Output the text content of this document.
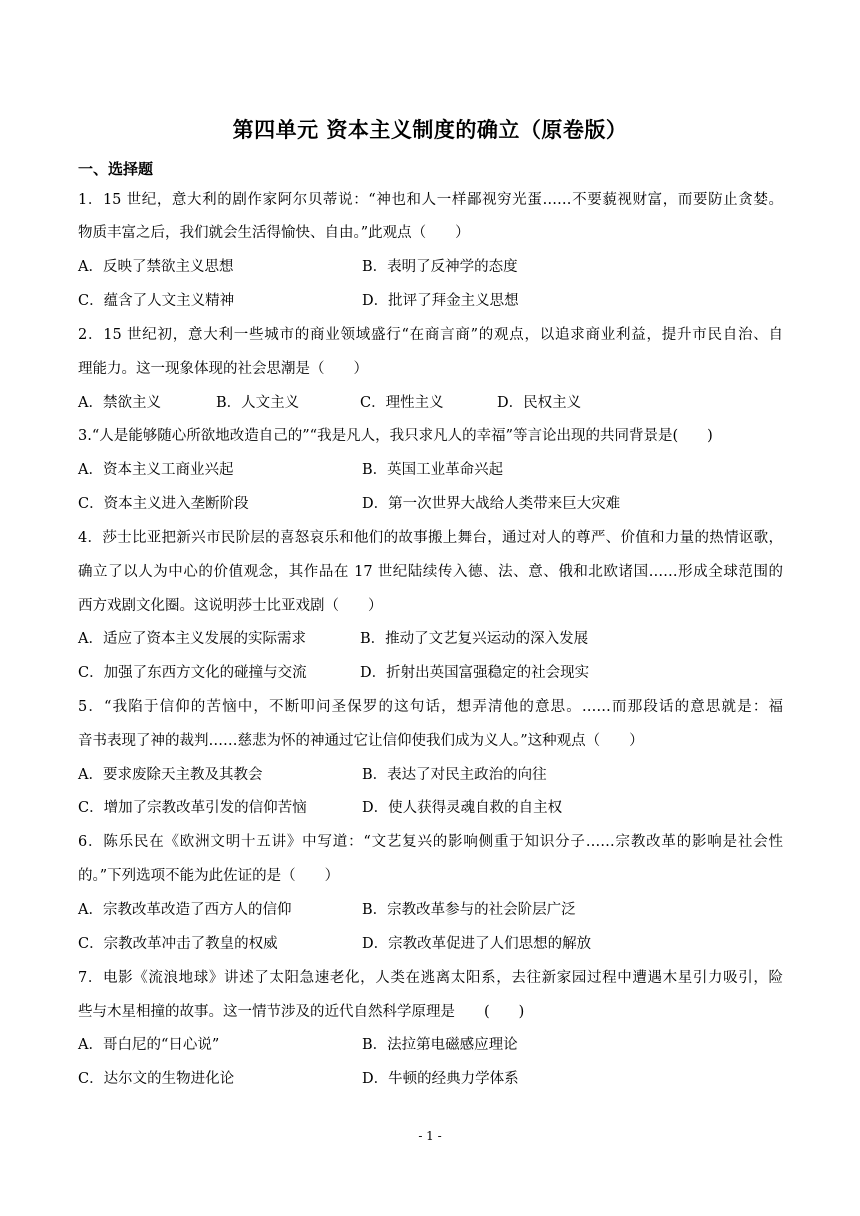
第四单元 资本主义制度的确立（原卷版）
一、选择题
1．15 世纪，意大利的剧作家阿尔贝蒂说：“神也和人一样鄙视穷光蛋……不要藐视财富，而要防止贪婪。
物质丰富之后，我们就会生活得愉快、自由。”此观点（　　）
A．反映了禁欲主义思想	B．表明了反神学的态度
C．蕴含了人文主义精神	D．批评了拜金主义思想
2．15 世纪初，意大利一些城市的商业领域盛行“在商言商”的观点，以追求商业利益，提升市民自治、自
理能力。这一现象体现的社会思潮是（　　）
A．禁欲主义	B．人文主义	C．理性主义	D．民权主义
3.“人是能够随心所欲地改造自己的”“我是凡人，我只求凡人的幸福”等言论出现的共同背景是(　　)
A．资本主义工商业兴起	B．英国工业革命兴起
C．资本主义进入垄断阶段	D．第一次世界大战给人类带来巨大灾难
4．莎士比亚把新兴市民阶层的喜怒哀乐和他们的故事搬上舞台，通过对人的尊严、价值和力量的热情讴歌，
确立了以人为中心的价值观念，其作品在 17 世纪陆续传入德、法、意、俄和北欧诸国……形成全球范围的
西方戏剧文化圈。这说明莎士比亚戏剧（　　）
A．适应了资本主义发展的实际需求	B．推动了文艺复兴运动的深入发展
C．加强了东西方文化的碰撞与交流	D．折射出英国富强稳定的社会现实
5．“我陷于信仰的苦恼中，不断叩问圣保罗的这句话，想弄清他的意思。……而那段话的意思就是：福
音书表现了神的裁判……慈悲为怀的神通过它让信仰使我们成为义人。”这种观点（　　）
A．要求废除天主教及其教会	B．表达了对民主政治的向往
C．增加了宗教改革引发的信仰苦恼	D．使人获得灵魂自救的自主权
6．陈乐民在《欧洲文明十五讲》中写道：“文艺复兴的影响侧重于知识分子……宗教改革的影响是社会性
的。”下列选项不能为此佐证的是（　　）
A．宗教改革改造了西方人的信仰	B．宗教改革参与的社会阶层广泛
C．宗教改革冲击了教皇的权威	D．宗教改革促进了人们思想的解放
7．电影《流浪地球》讲述了太阳急速老化，人类在逃离太阳系，去往新家园过程中遭遇木星引力吸引，险
些与木星相撞的故事。这一情节涉及的近代自然科学原理是　　(　　)
A．哥白尼的“日心说”	B．法拉第电磁感应理论
C．达尔文的生物进化论	D．牛顿的经典力学体系
- 1 -
